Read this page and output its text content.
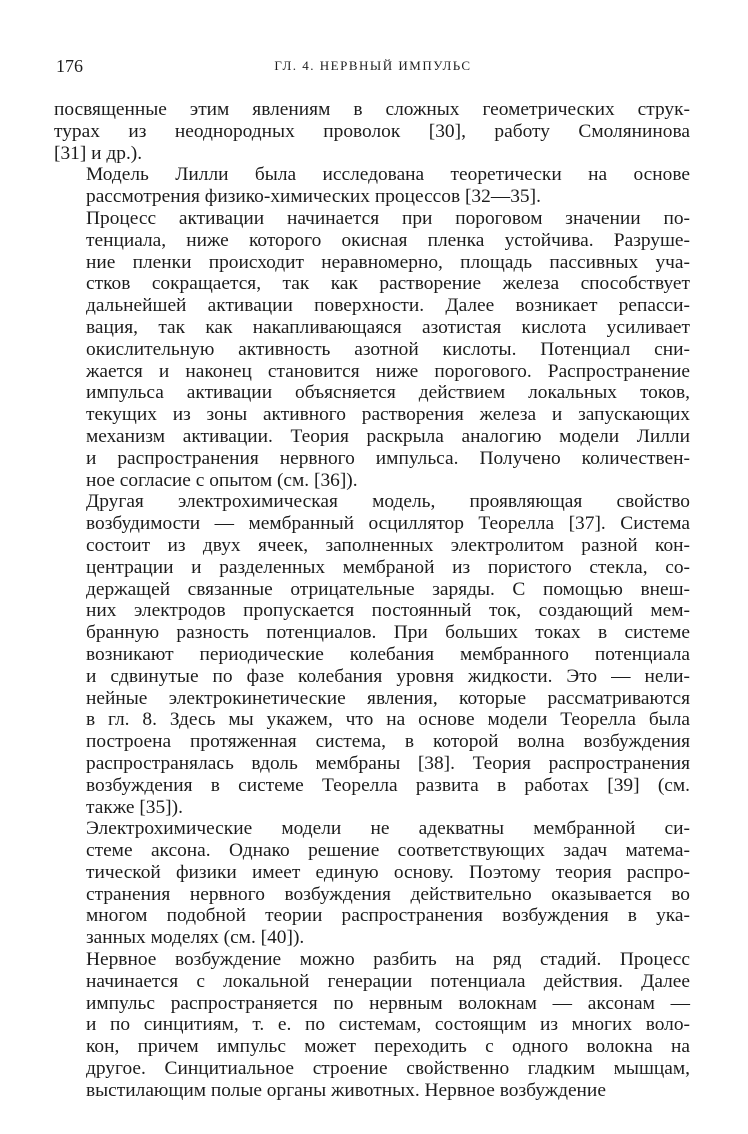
176	ГЛ. 4. НЕРВНЫЙ ИМПУЛЬС

посвященные этим явлениям в сложных геометрических струк-
турах из неоднородных проволок [30], работу Смолянинова
[31] и др.).

Модель Лилли была исследована теоретически на основе
рассмотрения физико-химических процессов [32—35].

Процесс активации начинается при пороговом значении по-
тенциала, ниже которого окисная пленка устойчива. Разруше-
ние пленки происходит неравномерно, площадь пассивных уча-
стков сокращается, так как растворение железа способствует
дальнейшей активации поверхности. Далее возникает репасси-
вация, так как накапливающаяся азотистая кислота усиливает
окислительную активность азотной кислоты. Потенциал сни-
жается и наконец становится ниже порогового. Распространение
импульса активации объясняется действием локальных токов,
текущих из зоны активного растворения железа и запускающих
механизм активации. Теория раскрыла аналогию модели Лилли
и распространения нервного импульса. Получено количествен-
ное согласие с опытом (см. [36]).

Другая электрохимическая модель, проявляющая свойство
возбудимости — мембранный осциллятор Теорелла [37]. Система
состоит из двух ячеек, заполненных электролитом разной кон-
центрации и разделенных мембраной из пористого стекла, со-
держащей связанные отрицательные заряды. С помощью внеш-
них электродов пропускается постоянный ток, создающий мем-
бранную разность потенциалов. При больших токах в системе
возникают периодические колебания мембранного потенциала
и сдвинутые по фазе колебания уровня жидкости. Это — нели-
нейные электрокинетические явления, которые рассматриваются
в гл. 8. Здесь мы укажем, что на основе модели Теорелла была
построена протяженная система, в которой волна возбуждения
распространялась вдоль мембраны [38]. Теория распространения
возбуждения в системе Теорелла развита в работах [39] (см.
также [35]).

Электрохимические модели не адекватны мембранной си-
стеме аксона. Однако решение соответствующих задач матема-
тической физики имеет единую основу. Поэтому теория распро-
странения нервного возбуждения действительно оказывается во
многом подобной теории распространения возбуждения в ука-
занных моделях (см. [40]).

Нервное возбуждение можно разбить на ряд стадий. Процесс
начинается с локальной генерации потенциала действия. Далее
импульс распространяется по нервным волокнам — аксонам —
и по синцитиям, т. е. по системам, состоящим из многих воло-
кон, причем импульс может переходить с одного волокна на
другое. Синцитиальное строение свойственно гладким мышцам,
выстилающим полые органы животных. Нервное возбуждение
